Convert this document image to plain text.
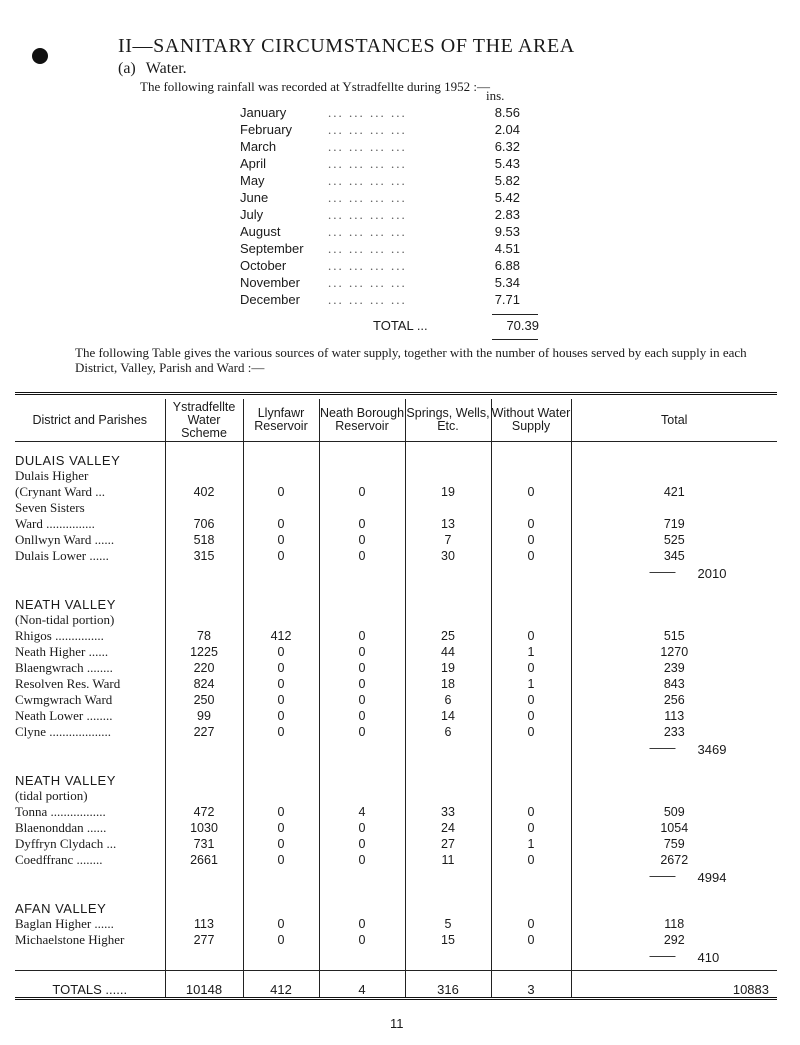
II—SANITARY CIRCUMSTANCES OF THE AREA
(a) Water.
The following rainfall was recorded at Ystradfellte during 1952 :—
ins.
January	... ... ... ...	8.56
February	... ... ... ...	2.04
March	... ... ... ...	6.32
April	... ... ... ...	5.43
May	... ... ... ...	5.82
June	... ... ... ...	5.42
July	... ... ... ...	2.83
August	... ... ... ...	9.53
September ... ... ... ...	4.51
October	... ... ... ...	6.88
November ... ... ... ...	5.34
December ... ... ... ...	7.71
TOTAL ...	70.39
The following Table gives the various sources of water supply, together with the number of houses served by each supply in each District, Valley, Parish and Ward :—
District and Parishes	Ystradfellte Water Scheme	Llynfawr Reservoir	Neath Borough Reservoir	Springs, Wells, Etc.	Without Water Supply	Total
DULAIS VALLEY						

Dulais Higher
(Crynant Ward ...	402	0	0	19	0	421

Seven Sisters
Ward ...............	706	0	0	13	0	719

Onllwyn Ward ......	518	0	0	7	0	525

Dulais Lower ......	315	0	0	30	0	345

						—— 2010

NEATH VALLEY						

(Non-tidal portion)
Rhigos ...............	78	412	0	25	0	515

Neath Higher ......	1225	0	0	44	1	1270

Blaengwrach ........	220	0	0	19	0	239

Resolven Res. Ward	824	0	0	18	1	843

Cwmgwrach Ward	250	0	0	6	0	256

Neath Lower ........	99	0	0	14	0	113

Clyne ...................	227	0	0	6	0	233

						—— 3469

NEATH VALLEY						

(tidal portion)
Tonna .................	472	0	4	33	0	509

Blaenonddan ......	1030	0	0	24	0	1054

Dyffryn Clydach ...	731	0	0	27	1	759

Coedffranc ........	2661	0	0	11	0	2672

						—— 4994

AFAN VALLEY						

Baglan Higher ......	113	0	0	5	0	118

Michaelstone Higher	277	0	0	15	0	292

						—— 410

TOTALS ......	10148	412	4	316	3	10883
11
